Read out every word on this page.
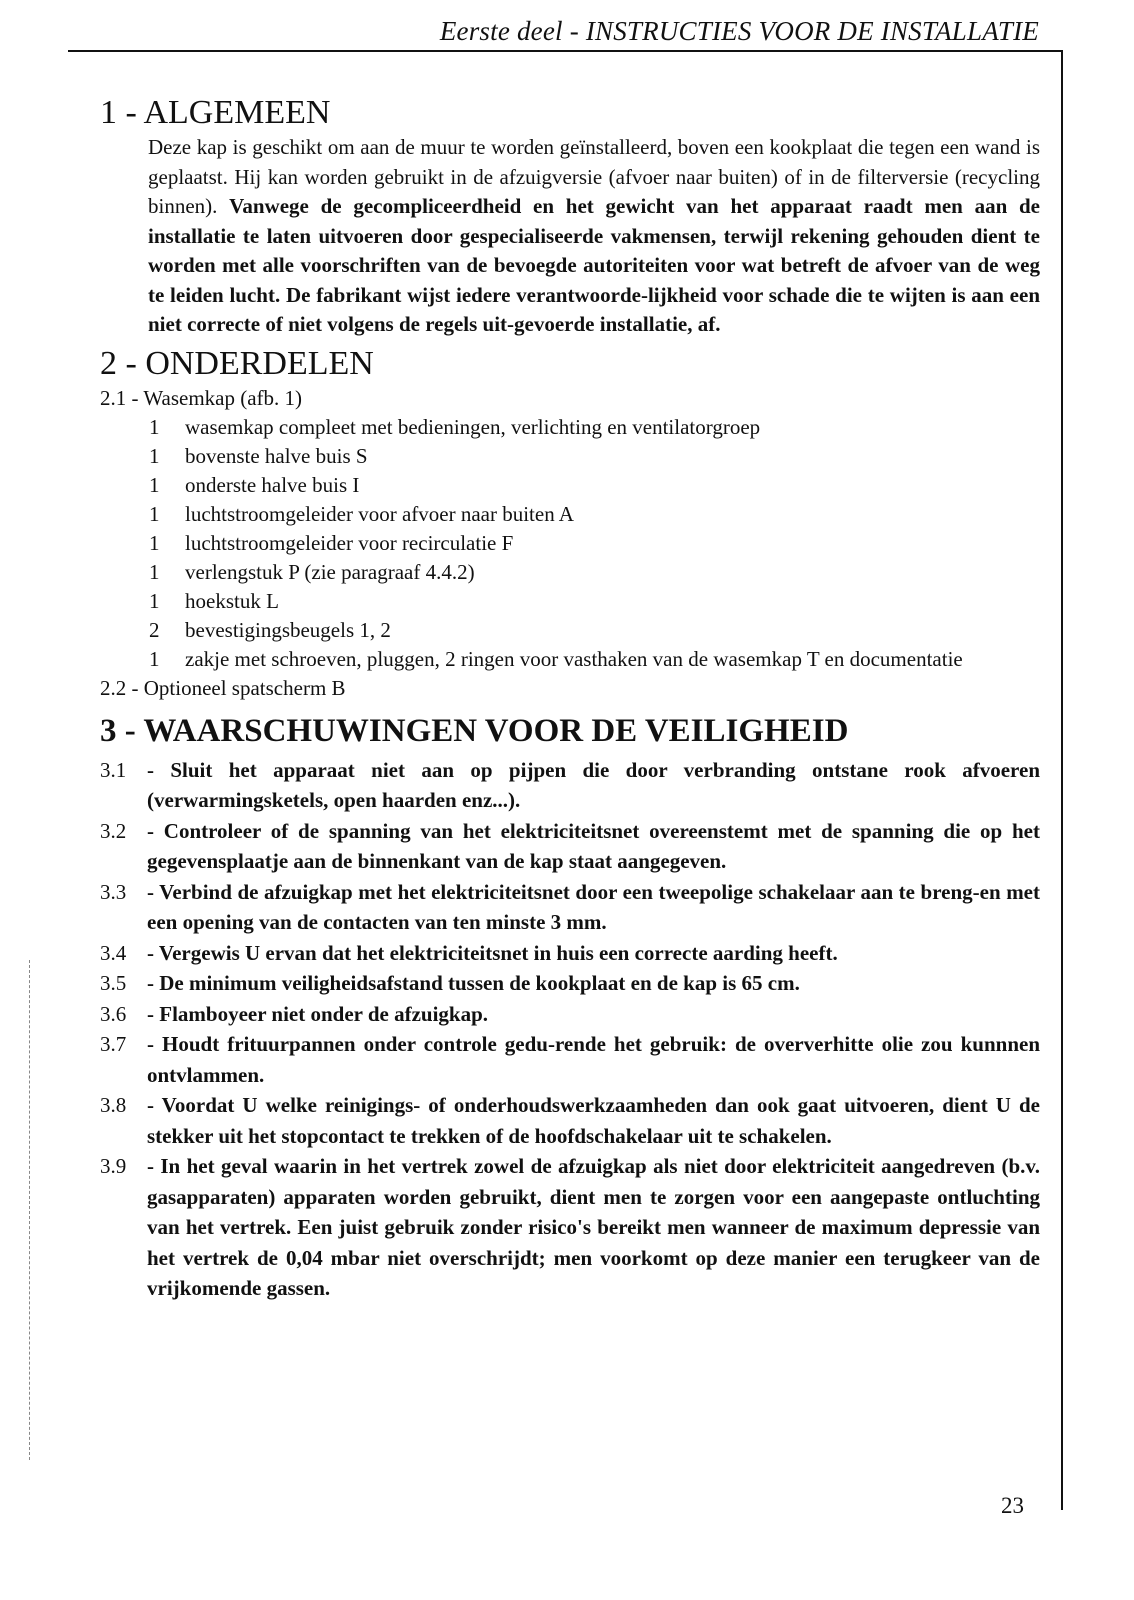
Eerste deel - INSTRUCTIES VOOR DE INSTALLATIE
1 - ALGEMEEN

Deze kap is geschikt om aan de muur te worden geïnstalleerd, boven een kookplaat die tegen een wand is geplaatst. Hij kan worden gebruikt in de afzuigversie (afvoer naar buiten) of in de filterversie (recycling binnen). Vanwege de gecompliceerdheid en het gewicht van het apparaat raadt men aan de installatie te laten uitvoeren door gespecialiseerde vakmensen, terwijl rekening gehouden dient te worden met alle voorschriften van de bevoegde autoriteiten voor wat betreft de afvoer van de weg te leiden lucht. De fabrikant wijst iedere verantwoorde-lijkheid voor schade die te wijten is aan een niet correcte of niet volgens de regels uit-gevoerde installatie, af.

2 - ONDERDELEN

2.1 - Wasemkap (afb. 1)

1	wasemkap compleet met bedieningen, verlichting en ventilatorgroep
1	bovenste halve buis S
1	onderste halve buis I
1	luchtstroomgeleider voor afvoer naar buiten A
1	luchtstroomgeleider voor recirculatie F
1	verlengstuk P (zie paragraaf 4.4.2)
1	hoekstuk L
2	bevestigingsbeugels 1, 2
1	zakje met schroeven, pluggen, 2 ringen voor vasthaken van de wasemkap T en documentatie

2.2 - Optioneel spatscherm B

3 - WAARSCHUWINGEN VOOR DE VEILIGHEID
3.1 - Sluit het apparaat niet aan op pijpen die door verbranding ontstane rook afvoeren (verwarmingsketels, open haarden enz...).
3.2 - Controleer of de spanning van het elektriciteitsnet overeenstemt met de spanning die op het gegevensplaatje aan de binnenkant van de kap staat aangegeven.
3.3 - Verbind de afzuigkap met het elektriciteitsnet door een tweepolige schakelaar aan te breng-en met een opening van de contacten van ten minste 3 mm.
3.4 - Vergewis U ervan dat het elektriciteitsnet in huis een correcte aarding heeft.
3.5 - De minimum veiligheidsafstand tussen de kookplaat en de kap is 65 cm.
3.6 - Flamboyeer niet onder de afzuigkap.
3.7 - Houdt frituurpannen onder controle gedu-rende het gebruik: de oververhitte olie zou kunnnen ontvlammen.
3.8 - Voordat U welke reinigings- of onderhoudswerkzaamheden dan ook gaat uitvoeren, dient U de stekker uit het stopcontact te trekken of de hoofdschakelaar uit te schakelen.
3.9 - In het geval waarin in het vertrek zowel de afzuigkap als niet door elektriciteit aangedreven (b.v. gasapparaten) apparaten worden gebruikt, dient men te zorgen voor een aangepaste ontluchting van het vertrek. Een juist gebruik zonder risico's bereikt men wanneer de maximum depressie van het vertrek de 0,04 mbar niet overschrijdt; men voorkomt op deze manier een terugkeer van de vrijkomende gassen.
23
